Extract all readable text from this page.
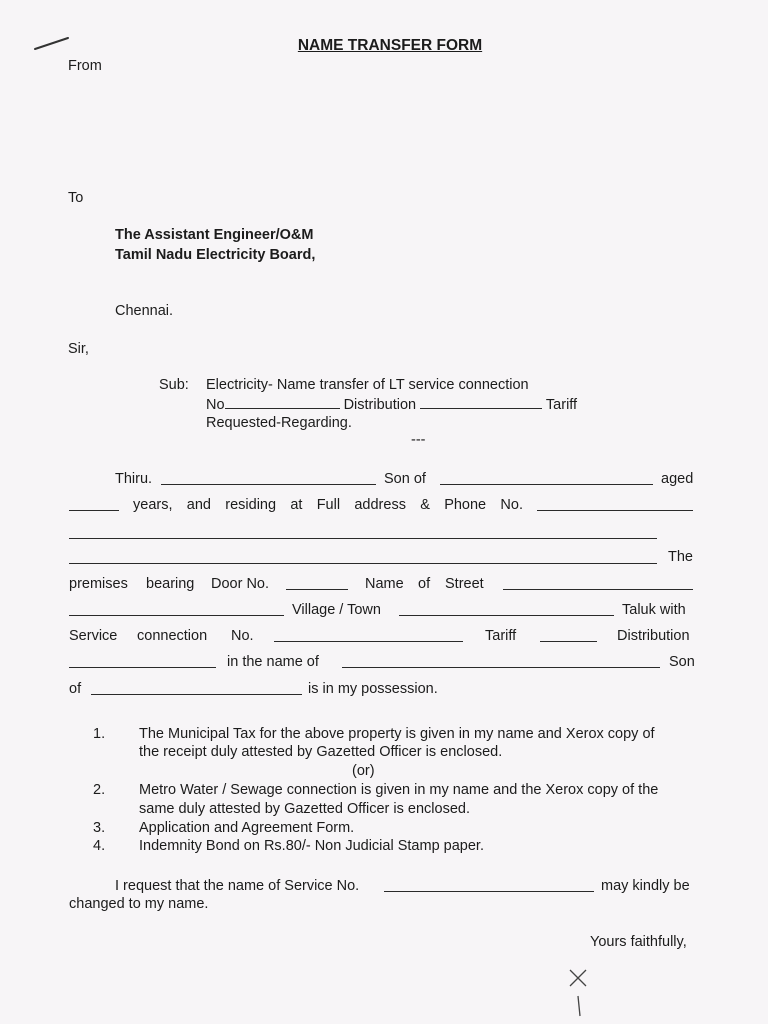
NAME TRANSFER FORM
From
To
The Assistant Engineer/O&M
Tamil Nadu Electricity Board,
Chennai.
Sir,
Sub: Electricity- Name transfer of LT service connection
No	Distribution	Tariff
Requested-Regarding.
---
Thiru.	Son of	aged
years, and residing at Full address & Phone No.
The
premises bearing Door No.	Name of Street
Village / Town	Taluk with
Service connection No.	Tariff	Distribution
in the name of	Son
of	is in my possession.
1. The Municipal Tax for the above property is given in my name and Xerox copy of
the receipt duly attested by Gazetted Officer is enclosed.
(or)
2. Metro Water / Sewage connection is given in my name and the Xerox copy of the
same duly attested by Gazetted Officer is enclosed.
3. Application and Agreement Form.
4. Indemnity Bond on Rs.80/- Non Judicial Stamp paper.
I request that the name of Service No.	may kindly be
changed to my name.
Yours faithfully,
